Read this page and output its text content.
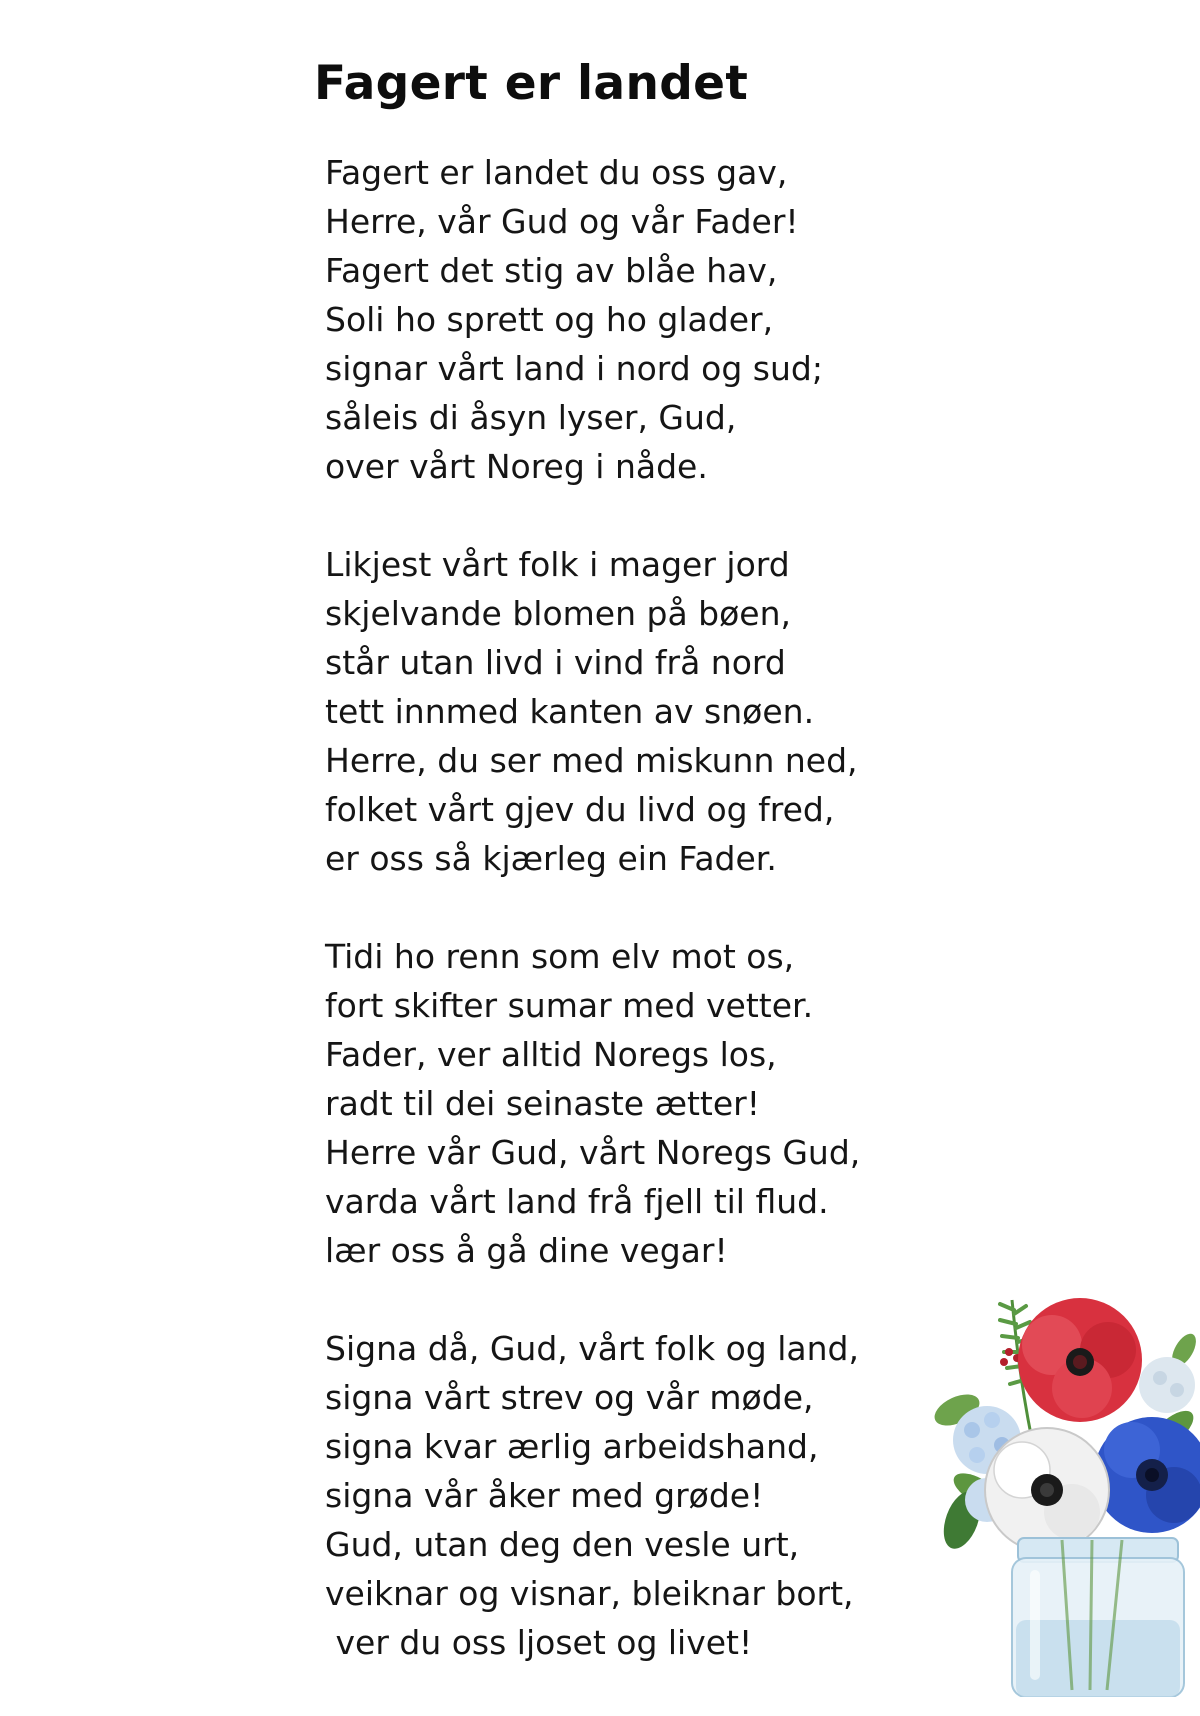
Fagert er landet
Fagert er landet du oss gav,
Herre, vår Gud og vår Fader!
Fagert det stig av blåe hav,
Soli ho sprett og ho glader,
signar vårt land i nord og sud;
såleis di åsyn lyser, Gud,
over vårt Noreg i nåde.
Likjest vårt folk i mager jord
skjelvande blomen på bøen,
står utan livd i vind frå nord
tett innmed kanten av snøen.
Herre, du ser med miskunn ned,
folket vårt gjev du livd og fred,
er oss så kjærleg ein Fader.
Tidi ho renn som elv mot os,
fort skifter sumar med vetter.
Fader, ver alltid Noregs los,
radt til dei seinaste ætter!
Herre vår Gud, vårt Noregs Gud,
varda vårt land frå fjell til flud.
lær oss å gå dine vegar!
Signa då, Gud, vårt folk og land,
signa vårt strev og vår møde,
signa kvar ærlig arbeidshand,
signa vår åker med grøde!
Gud, utan deg den vesle urt,
veiknar og visnar, bleiknar bort,
ver du oss ljoset og livet!
